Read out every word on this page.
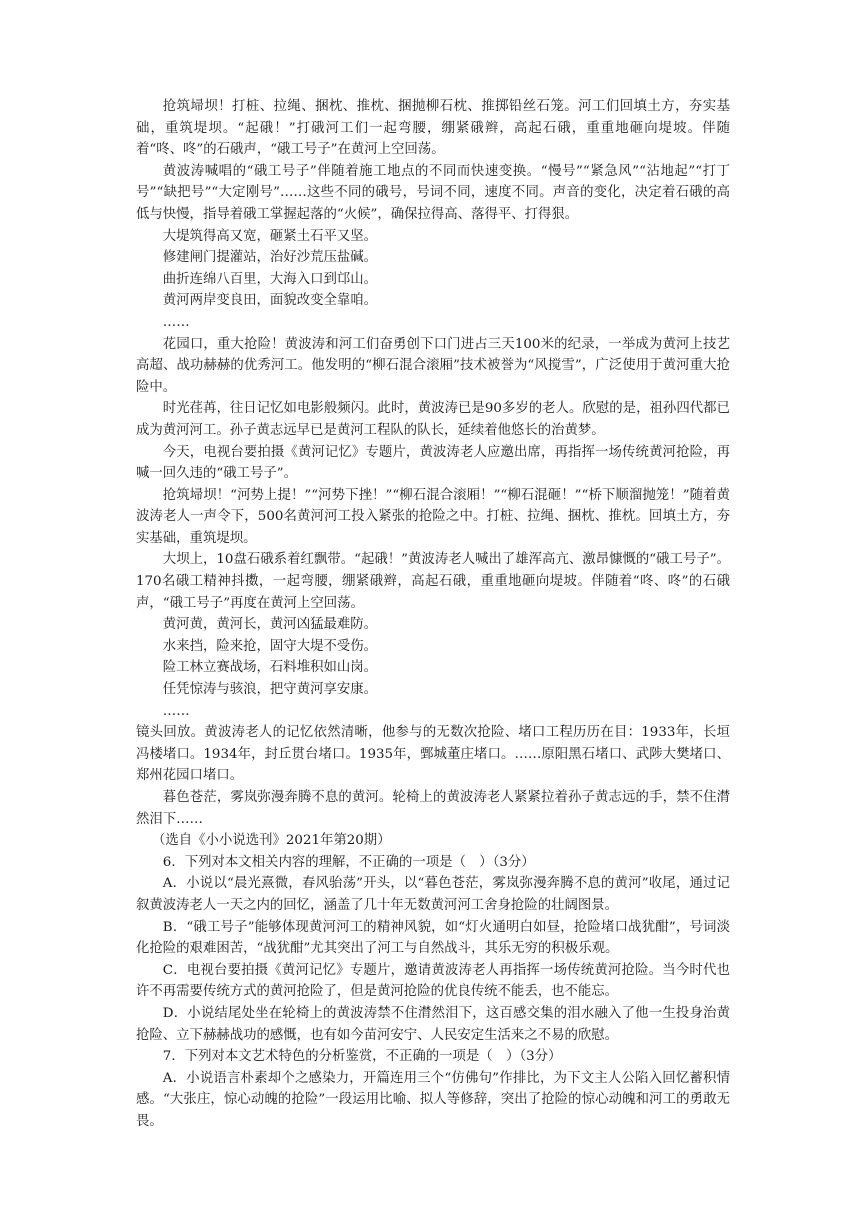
抢筑埽坝！打桩、拉绳、捆枕、推枕、捆抛柳石枕、推掷铅丝石笼。河工们回填土方，夯实基础，重筑堤坝。“起硪！”打硪河工们一起弯腰，绷紧硪辫，高起石硪，重重地砸向堤坡。伴随着“咚、咚”的石硪声，“硪工号子”在黄河上空回荡。

黄波涛喊唱的“硪工号子”伴随着施工地点的不同而快速变换。“慢号”“紧急风”“沾地起”“打丁号”“缺把号”“大定刚号”……这些不同的硪号，号词不同，速度不同。声音的变化，决定着石硪的高低与快慢，指导着硪工掌握起落的“火候”，确保拉得高、落得平、打得狠。

大堤筑得高又宽，砸紧土石平又坚。

修建闸门提灌站，治好沙荒压盐碱。

曲折连绵八百里，大海入口到邙山。

黄河两岸变良田，面貌改变全靠咱。

……

花园口，重大抢险！黄波涛和河工们奋勇创下口门进占三天100米的纪录，一举成为黄河上技艺高超、战功赫赫的优秀河工。他发明的“柳石混合滚厢”技术被誉为“风搅雪”，广泛使用于黄河重大抢险中。

时光荏苒，往日记忆如电影般频闪。此时，黄波涛已是90多岁的老人。欣慰的是，祖孙四代都已成为黄河河工。孙子黄志远早已是黄河工程队的队长，延续着他悠长的治黄梦。

今天，电视台要拍摄《黄河记忆》专题片，黄波涛老人应邀出席，再指挥一场传统黄河抢险，再喊一回久违的“硪工号子”。

抢筑埽坝！“河势上提！”“河势下挫！”“柳石混合滚厢！”“柳石混砸！”“桥下顺溜抛笼！”随着黄波涛老人一声令下，500名黄河河工投入紧张的抢险之中。打桩、拉绳、捆枕、推枕。回填土方，夯实基础，重筑堤坝。

大坝上，10盘石硪系着红飘带。“起硪！”黄波涛老人喊出了雄浑高亢、激昂慷慨的“硪工号子”。170名硪工精神抖擞，一起弯腰，绷紧硪辫，高起石硪，重重地砸向堤坡。伴随着“咚、咚”的石硪声，“硪工号子”再度在黄河上空回荡。

黄河黄，黄河长，黄河凶猛最难防。

水来挡，险来抢，固守大堤不受伤。

险工林立赛战场，石料堆积如山岗。

任凭惊涛与骇浪，把守黄河享安康。

……

镜头回放。黄波涛老人的记忆依然清晰，他参与的无数次抢险、堵口工程历历在目：1933年，长垣冯楼堵口。1934年，封丘贯台堵口。1935年，鄄城董庄堵口。……原阳黑石堵口、武陟大樊堵口、郑州花园口堵口。

暮色苍茫，雾岚弥漫奔腾不息的黄河。轮椅上的黄波涛老人紧紧拉着孙子黄志远的手，禁不住潸然泪下……

（选自《小小说选刊》2021年第20期）

6．下列对本文相关内容的理解，不正确的一项是（　）（3分）

A．小说以“晨光熹微，春风骀荡”开头，以“暮色苍茫，雾岚弥漫奔腾不息的黄河”收尾，通过记叙黄波涛老人一天之内的回忆，涵盖了几十年无数黄河河工舍身抢险的壮阔图景。

B．“硪工号子”能够体现黄河河工的精神风貌，如“灯火通明白如昼，抢险堵口战犹酣”，号词淡化抢险的艰难困苦，“战犹酣”尤其突出了河工与自然战斗，其乐无穷的积极乐观。

C．电视台要拍摄《黄河记忆》专题片，邀请黄波涛老人再指挥一场传统黄河抢险。当今时代也许不再需要传统方式的黄河抢险了，但是黄河抢险的优良传统不能丢，也不能忘。

D．小说结尾处坐在轮椅上的黄波涛禁不住潸然泪下，这百感交集的泪水融入了他一生投身治黄抢险、立下赫赫战功的感慨，也有如今苗河安宁、人民安定生活来之不易的欣慰。

7．下列对本文艺术特色的分析鉴赏，不正确的一项是（　）（3分）

A．小说语言朴素却个之感染力，开篇连用三个“仿佛句”作排比，为下文主人公陷入回忆蓄积情感。“大张庄，惊心动魄的抢险”一段运用比喻、拟人等修辞，突出了抢险的惊心动魄和河工的勇敢无畏。
